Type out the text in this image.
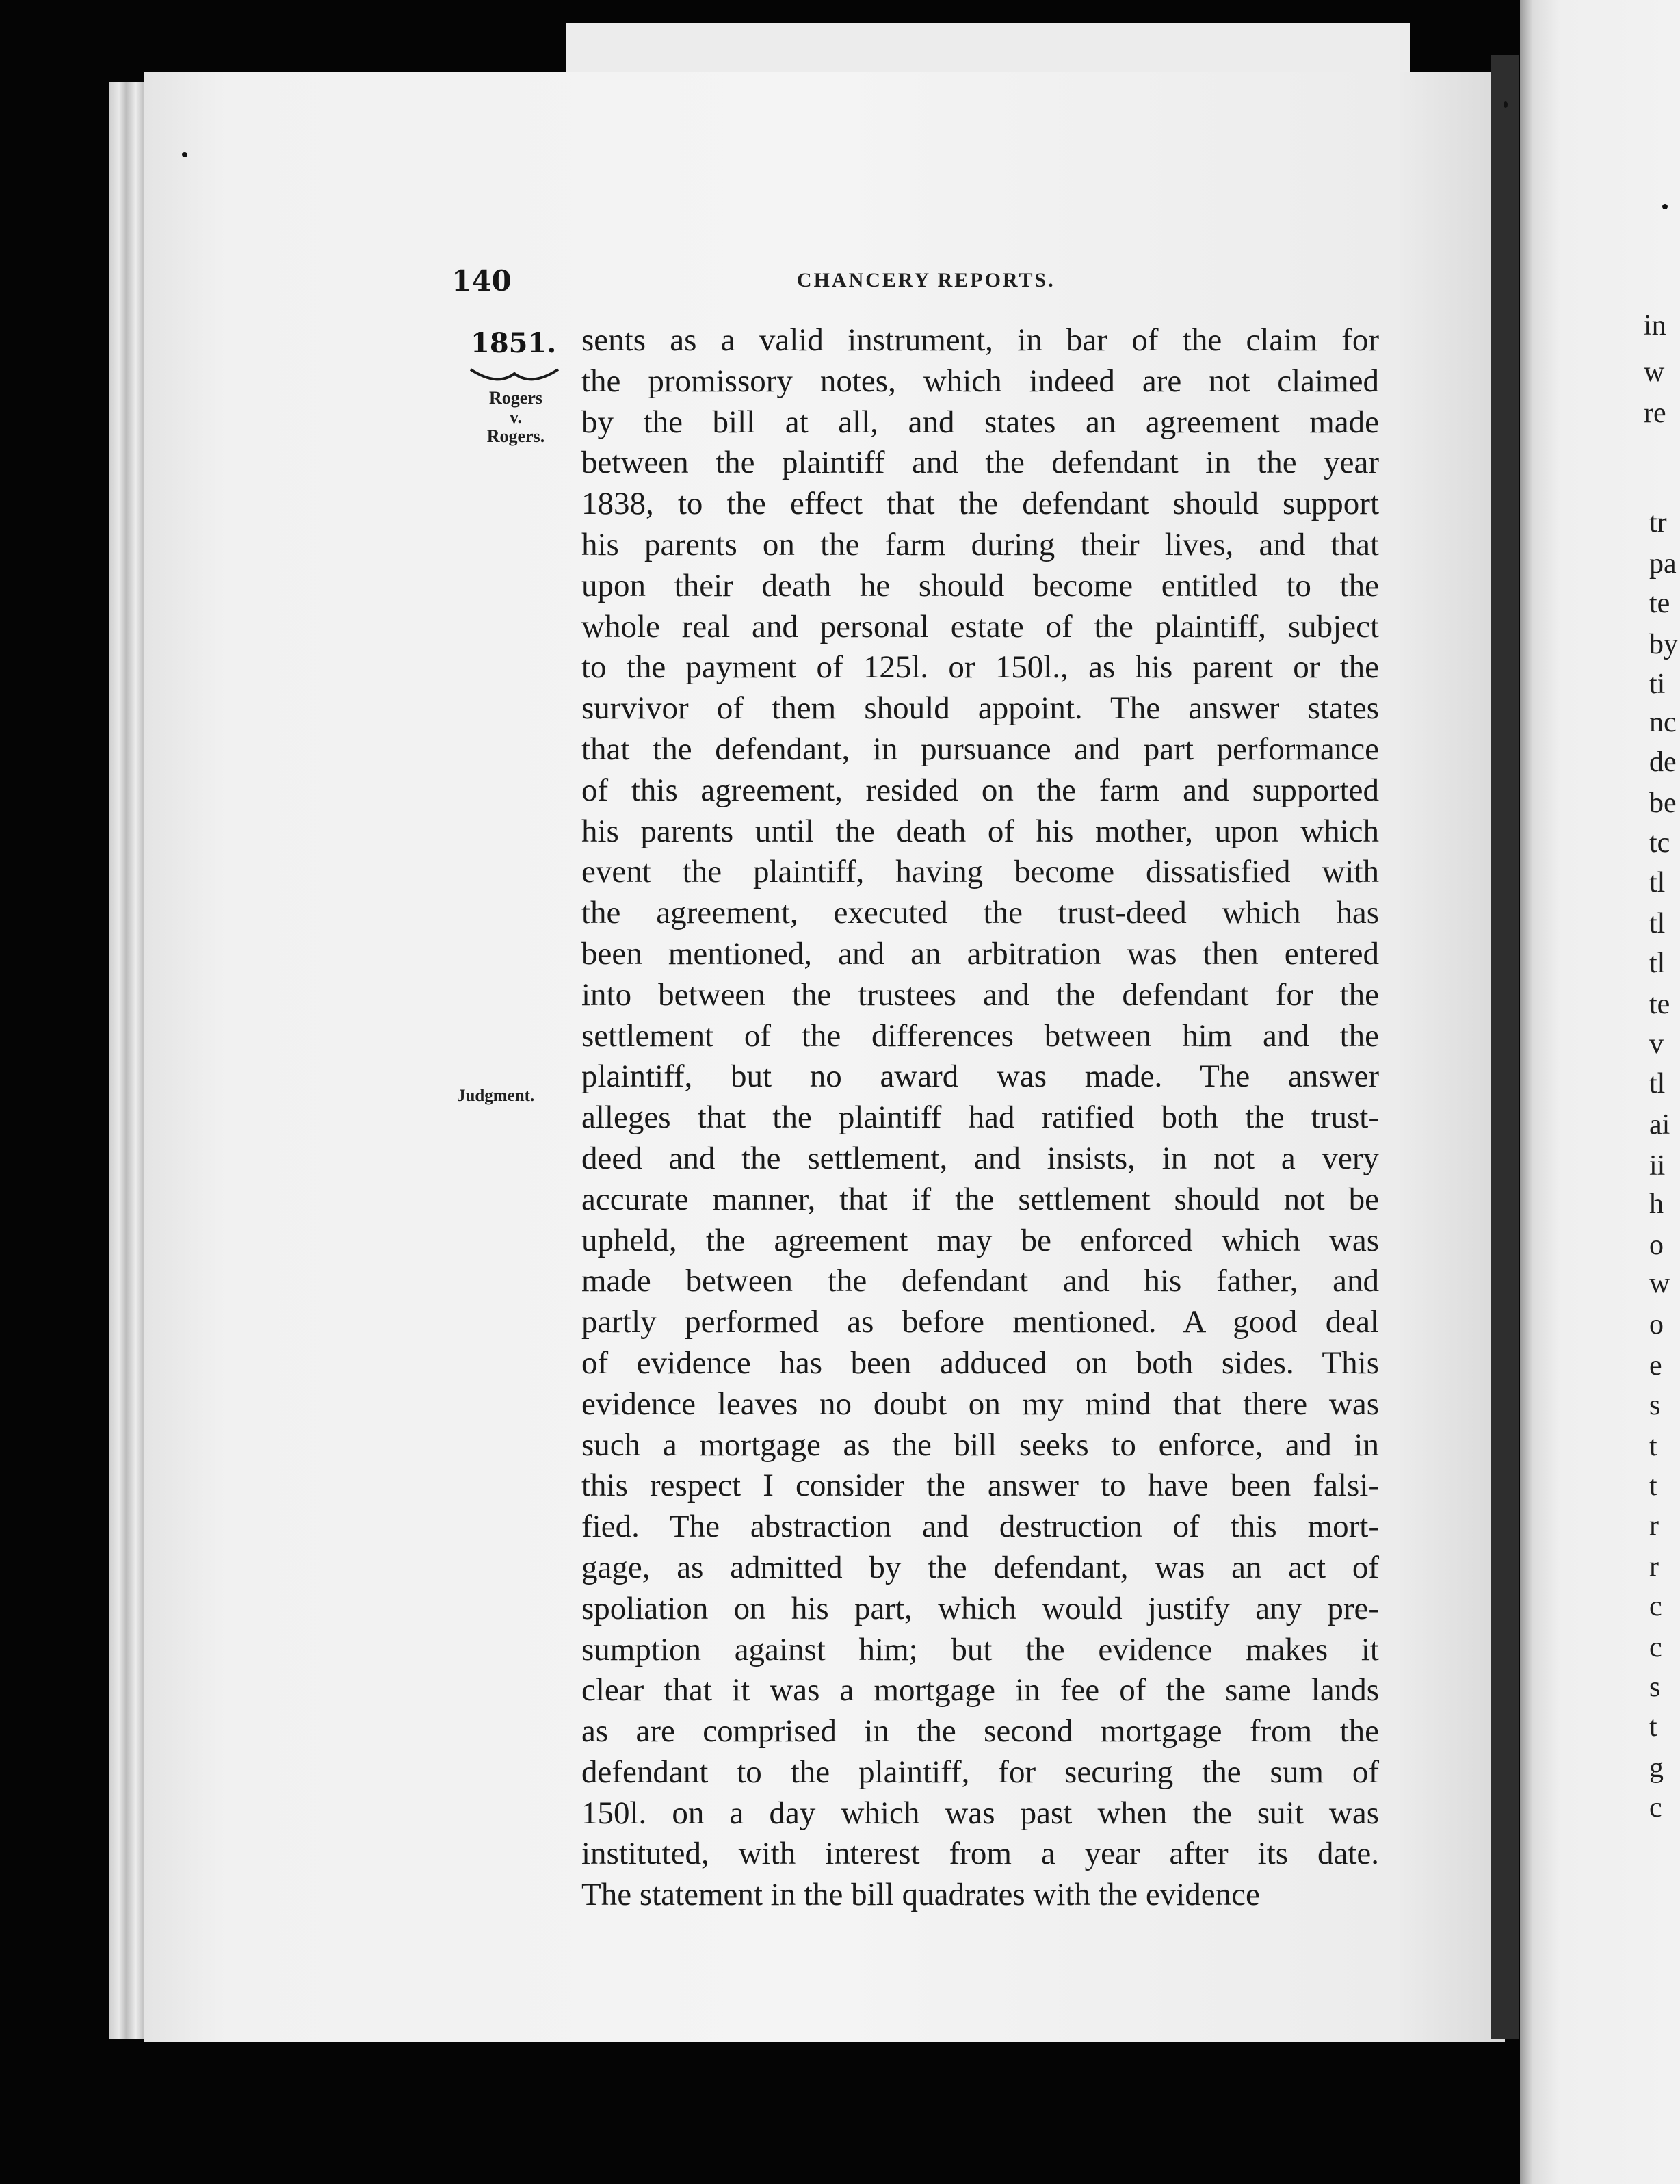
140	CHANCERY REPORTS.
1851.
Rogers
v.
Rogers.
Judgment.
sents as a valid instrument, in bar of the claim for
the promissory notes, which indeed are not claimed
by the bill at all, and states an agreement made
between the plaintiff and the defendant in the year
1838, to the effect that the defendant should support
his parents on the farm during their lives, and that
upon their death he should become entitled to the
whole real and personal estate of the plaintiff, subject
to the payment of 125l. or 150l., as his parent or the
survivor of them should appoint. The answer states
that the defendant, in pursuance and part performance
of this agreement, resided on the farm and supported
his parents until the death of his mother, upon which
event the plaintiff, having become dissatisfied with
the agreement, executed the trust-deed which has
been mentioned, and an arbitration was then entered
into between the trustees and the defendant for the
settlement of the differences between him and the
plaintiff, but no award was made. The answer
alleges that the plaintiff had ratified both the trust-
deed and the settlement, and insists, in not a very
accurate manner, that if the settlement should not be
upheld, the agreement may be enforced which was
made between the defendant and his father, and
partly performed as before mentioned. A good deal
of evidence has been adduced on both sides. This
evidence leaves no doubt on my mind that there was
such a mortgage as the bill seeks to enforce, and in
this respect I consider the answer to have been falsi-
fied. The abstraction and destruction of this mort-
gage, as admitted by the defendant, was an act of
spoliation on his part, which would justify any pre-
sumption against him; but the evidence makes it
clear that it was a mortgage in fee of the same lands
as are comprised in the second mortgage from the
defendant to the plaintiff, for securing the sum of
150l. on a day which was past when the suit was
instituted, with interest from a year after its date.
The statement in the bill quadrates with the evidence
in
w
re
tr
pa
te
by
ti
nc
de
be
tc
tl
tl
tl
te
v
tl
ai
ii
h
o
w
o
e
s
t
t
r
r
c
c
s
t
g
c
